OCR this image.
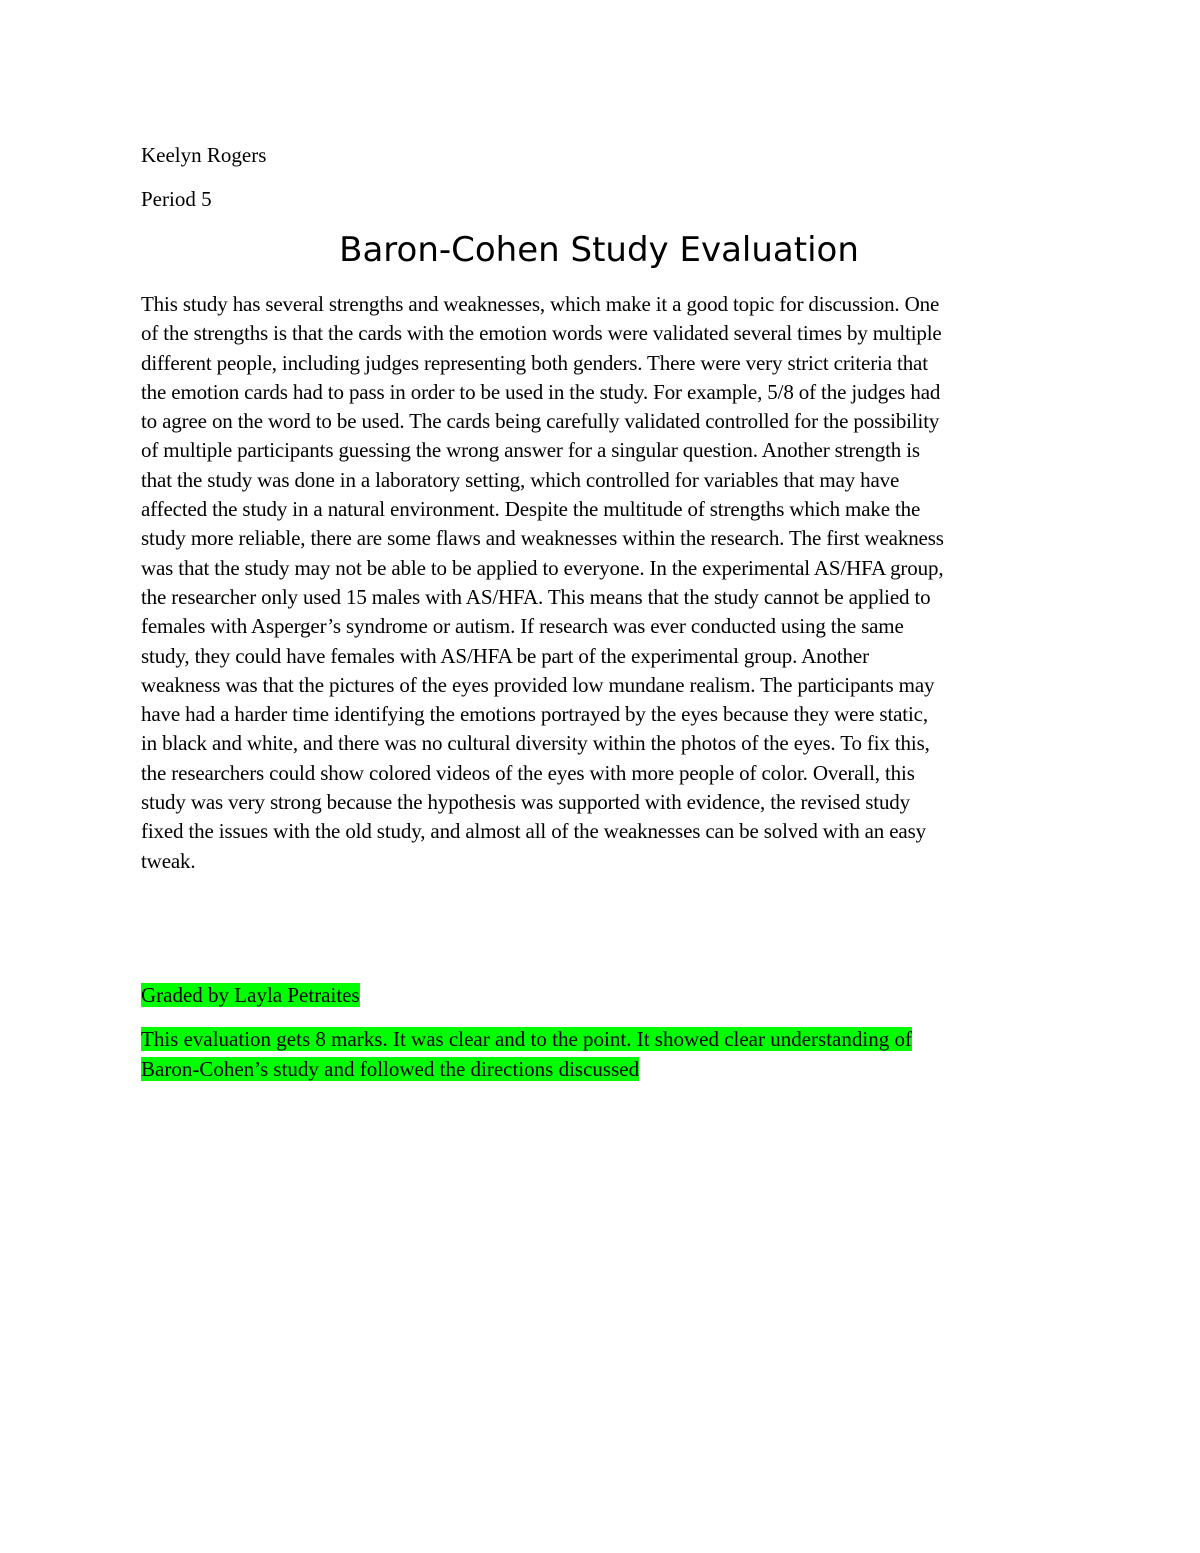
Keelyn Rogers

Period 5

Baron-Cohen Study Evaluation

This study has several strengths and weaknesses, which make it a good topic for discussion. One
of the strengths is that the cards with the emotion words were validated several times by multiple
different people, including judges representing both genders. There were very strict criteria that
the emotion cards had to pass in order to be used in the study. For example, 5/8 of the judges had
to agree on the word to be used. The cards being carefully validated controlled for the possibility
of multiple participants guessing the wrong answer for a singular question. Another strength is
that the study was done in a laboratory setting, which controlled for variables that may have
affected the study in a natural environment. Despite the multitude of strengths which make the
study more reliable, there are some flaws and weaknesses within the research. The first weakness
was that the study may not be able to be applied to everyone. In the experimental AS/HFA group,
the researcher only used 15 males with AS/HFA. This means that the study cannot be applied to
females with Asperger’s syndrome or autism. If research was ever conducted using the same
study, they could have females with AS/HFA be part of the experimental group. Another
weakness was that the pictures of the eyes provided low mundane realism. The participants may
have had a harder time identifying the emotions portrayed by the eyes because they were static,
in black and white, and there was no cultural diversity within the photos of the eyes. To fix this,
the researchers could show colored videos of the eyes with more people of color. Overall, this
study was very strong because the hypothesis was supported with evidence, the revised study
fixed the issues with the old study, and almost all of the weaknesses can be solved with an easy
tweak.

Graded by Layla Petraites

This evaluation gets 8 marks. It was clear and to the point. It showed clear understanding of
Baron-Cohen’s study and followed the directions discussed
